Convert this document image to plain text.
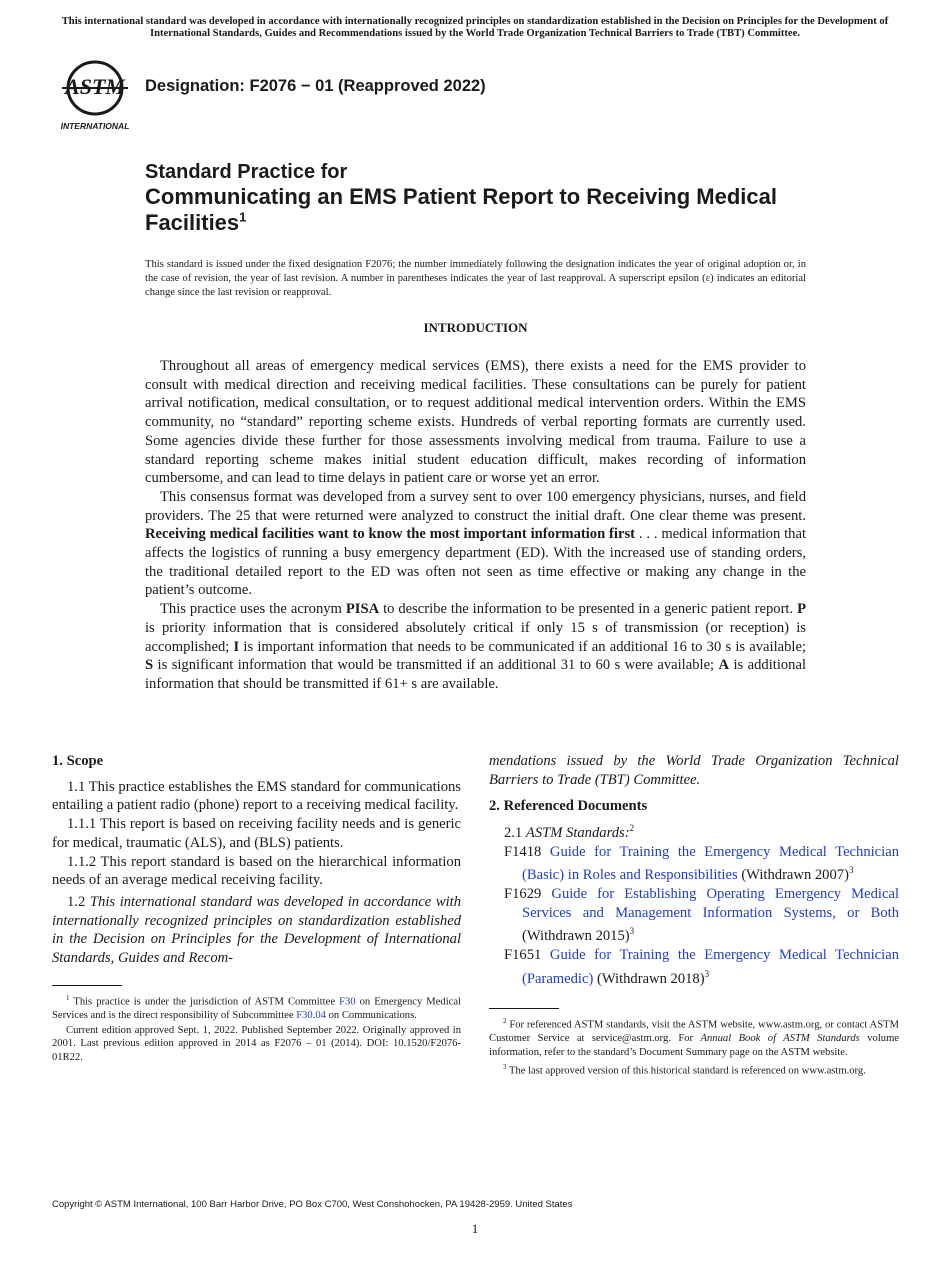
This international standard was developed in accordance with internationally recognized principles on standardization established in the Decision on Principles for the Development of International Standards, Guides and Recommendations issued by the World Trade Organization Technical Barriers to Trade (TBT) Committee.
ASTM
INTERNATIONAL
Designation: F2076 − 01 (Reapproved 2022)
Standard Practice for
Communicating an EMS Patient Report to Receiving Medical Facilities$^1$
This standard is issued under the fixed designation F2076; the number immediately following the designation indicates the year of original adoption or, in the case of revision, the year of last revision. A number in parentheses indicates the year of last reapproval. A superscript epsilon (ε) indicates an editorial change since the last revision or reapproval.
INTRODUCTION

Throughout all areas of emergency medical services (EMS), there exists a need for the EMS provider to consult with medical direction and receiving medical facilities. These consultations can be purely for patient arrival notification, medical consultation, or to request additional medical intervention orders. Within the EMS community, no “standard” reporting scheme exists. Hundreds of verbal reporting formats are currently used. Some agencies divide these further for those assessments involving medical from trauma. Failure to use a standard reporting scheme makes initial student education difficult, makes recording of information cumbersome, and can lead to time delays in patient care or worse yet an error.

This consensus format was developed from a survey sent to over 100 emergency physicians, nurses, and field providers. The 25 that were returned were analyzed to construct the initial draft. One clear theme was present. Receiving medical facilities want to know the most important information first . . . medical information that affects the logistics of running a busy emergency department (ED). With the increased use of standing orders, the traditional detailed report to the ED was often not seen as time effective or making any change in the patient’s outcome.

This practice uses the acronym PISA to describe the information to be presented in a generic patient report. P is priority information that is considered absolutely critical if only 15 s of transmission (or reception) is accomplished; I is important information that needs to be communicated if an additional 16 to 30 s is available; S is significant information that would be transmitted if an additional 31 to 60 s were available; A is additional information that should be transmitted if 61+ s are available.

1. Scope

1.1 This practice establishes the EMS standard for communications entailing a patient radio (phone) report to a receiving medical facility.

1.1.1 This report is based on receiving facility needs and is generic for medical, traumatic (ALS), and (BLS) patients.

1.1.2 This report standard is based on the hierarchical information needs of an average medical receiving facility.

1.2 This international standard was developed in accordance with internationally recognized principles on standardization established in the Decision on Principles for the Development of International Standards, Guides and Recom-

$^1$ This practice is under the jurisdiction of ASTM Committee F30 on Emergency Medical Services and is the direct responsibility of Subcommittee F30.04 on Communications.

Current edition approved Sept. 1, 2022. Published September 2022. Originally approved in 2001. Last previous edition approved in 2014 as F2076 – 01 (2014). DOI: 10.1520/F2076-01R22.

mendations issued by the World Trade Organization Technical Barriers to Trade (TBT) Committee.

2. Referenced Documents

2.1 ASTM Standards:$^2$

F1418 Guide for Training the Emergency Medical Technician (Basic) in Roles and Responsibilities (Withdrawn 2007)$^3$

F1629 Guide for Establishing Operating Emergency Medical Services and Management Information Systems, or Both (Withdrawn 2015)$^3$

F1651 Guide for Training the Emergency Medical Technician (Paramedic) (Withdrawn 2018)$^3$

$^2$ For referenced ASTM standards, visit the ASTM website, www.astm.org, or contact ASTM Customer Service at service@astm.org. For Annual Book of ASTM Standards volume information, refer to the standard’s Document Summary page on the ASTM website.

$^3$ The last approved version of this historical standard is referenced on www.astm.org.

Copyright © ASTM International, 100 Barr Harbor Drive, PO Box C700, West Conshohocken, PA 19428-2959. United States
1
